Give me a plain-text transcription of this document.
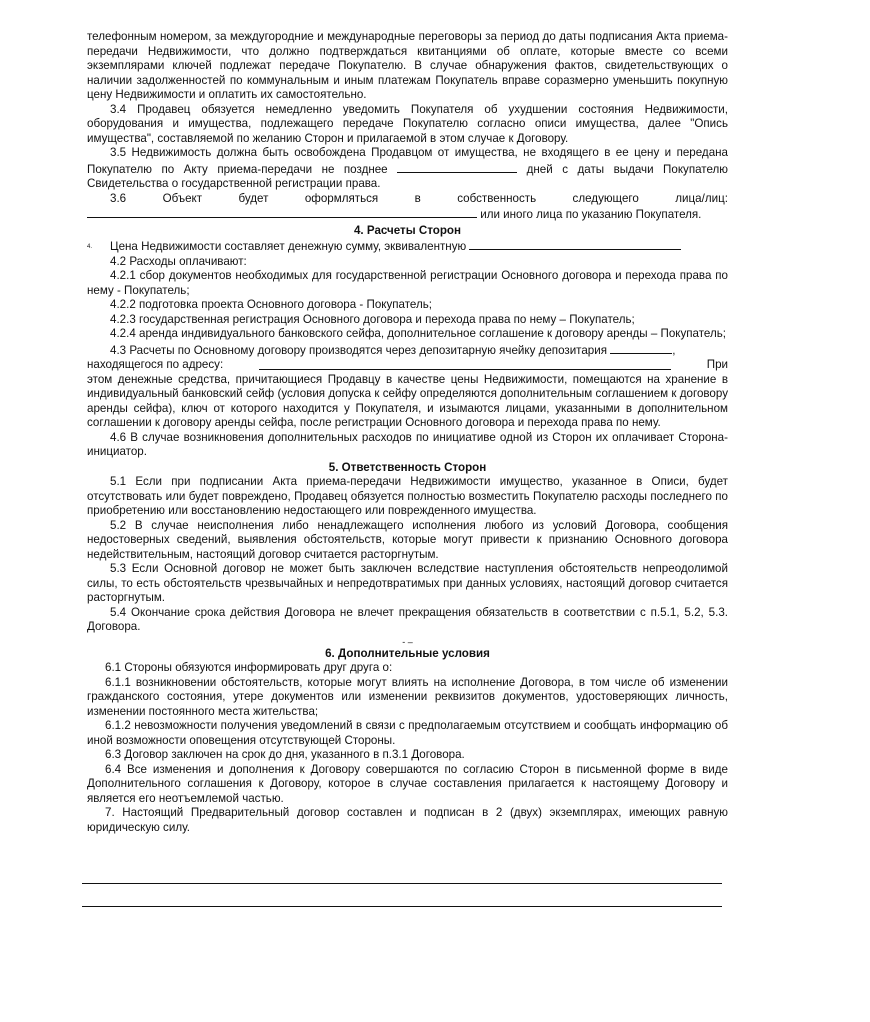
телефонным номером, за междугородние и международные переговоры за период до даты подписания Акта приема-передачи Недвижимости, что должно подтверждаться квитанциями об оплате, которые вместе со всеми экземплярами ключей подлежат передаче Покупателю. В случае обнаружения фактов, свидетельствующих о наличии задолженностей по коммунальным и иным платежам Покупатель вправе соразмерно уменьшить покупную цену Недвижимости и оплатить их самостоятельно.

3.4 Продавец обязуется немедленно уведомить Покупателя об ухудшении состояния Недвижимости, оборудования и имущества, подлежащего передаче Покупателю согласно описи имущества, далее "Опись имущества", составляемой по желанию Сторон и прилагаемой в этом случае к Договору.

3.5 Недвижимость должна быть освобождена Продавцом от имущества, не входящего в ее цену и передана Покупателю по Акту приема-передачи не позднее	дней с даты выдачи Покупателю Свидетельства о государственной регистрации права.

3.6	Объект	будет	оформляться	в	собственность	следующего	лица/лиц:

или иного лица по указанию Покупателя.

4. Расчеты Сторон

4. Цена Недвижимости составляет денежную сумму, эквивалентную

4.2 Расходы оплачивают:

4.2.1 сбор документов необходимых для государственной регистрации Основного договора и перехода права по нему - Покупатель;

4.2.2 подготовка проекта Основного договора - Покупатель;

4.2.3 государственная регистрация Основного договора и перехода права по нему – Покупатель;

4.2.4 аренда индивидуального банковского сейфа, дополнительное соглашение к договору аренды – Покупатель;

4.3 Расчеты по Основному договору производятся через депозитарную ячейку депозитария	,

находящегося по адресу:	При

этом денежные средства, причитающиеся Продавцу в качестве цены Недвижимости, помещаются на хранение в индивидуальный банковский сейф (условия допуска к сейфу определяются дополнительным соглашением к договору аренды сейфа), ключ от которого находится у Покупателя, и изымаются лицами, указанными в дополнительном соглашении к договору аренды сейфа, после регистрации Основного договора и перехода права по нему.

4.6 В случае возникновения дополнительных расходов по инициативе одной из Сторон их оплачивает Сторона-инициатор.

5. Ответственность Сторон

5.1 Если при подписании Акта приема-передачи Недвижимости имущество, указанное в Описи, будет отсутствовать или будет повреждено, Продавец обязуется полностью возместить Покупателю расходы последнего по приобретению или восстановлению недостающего или поврежденного имущества.

5.2 В случае неисполнения либо ненадлежащего исполнения любого из условий Договора, сообщения недостоверных сведений, выявления обстоятельств, которые могут привести к признанию Основного договора недействительным, настоящий договор считается расторгнутым.

5.3 Если Основной договор не может быть заключен вследствие наступления обстоятельств непреодолимой силы, то есть обстоятельств чрезвычайных и непредотвратимых при данных условиях, настоящий договор считается расторгнутым.

5.4 Окончание срока действия Договора не влечет прекращения обязательств в соответствии с п.5.1, 5.2, 5.3. Договора.

- –

6. Дополнительные условия

6.1 Стороны обязуются информировать друг друга о:

6.1.1 возникновении обстоятельств, которые могут влиять на исполнение Договора, в том числе об изменении гражданского состояния, утере документов или изменении реквизитов документов, удостоверяющих личность, изменении постоянного места жительства;

6.1.2 невозможности получения уведомлений в связи с предполагаемым отсутствием и сообщать информацию об иной возможности оповещения отсутствующей Стороны.

6.3 Договор заключен на срок до дня, указанного в п.3.1 Договора.

6.4 Все изменения и дополнения к Договору совершаются по согласию Сторон в письменной форме в виде Дополнительного соглашения к Договору, которое в случае составления прилагается к настоящему Договору и является его неотъемлемой частью.

7. Настоящий Предварительный договор составлен и подписан в 2 (двух) экземплярах, имеющих равную юридическую силу.
